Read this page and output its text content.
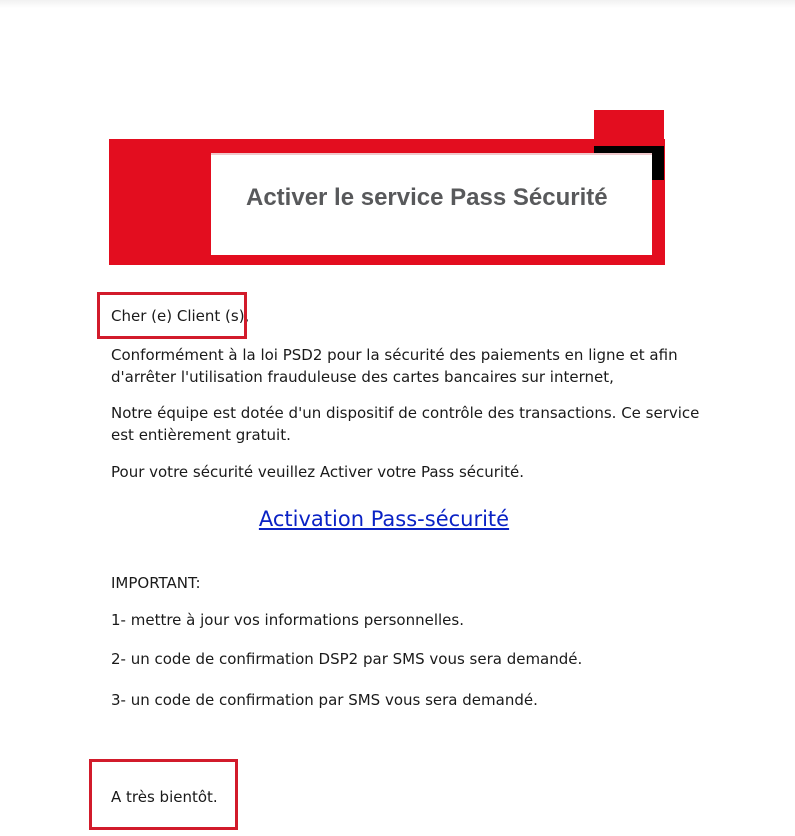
Activer le service Pass Sécurité
Cher (e) Client (s),
Conformément à la loi PSD2 pour la sécurité des paiements en ligne et afin
d'arrêter l'utilisation frauduleuse des cartes bancaires sur internet,
Notre équipe est dotée d'un dispositif de contrôle des transactions. Ce service
est entièrement gratuit.
Pour votre sécurité veuillez Activer votre Pass sécurité.
Activation Pass-sécurité
IMPORTANT:
1- mettre à jour vos informations personnelles.
2- un code de confirmation DSP2 par SMS vous sera demandé.
3- un code de confirmation par SMS vous sera demandé.
A très bientôt.
